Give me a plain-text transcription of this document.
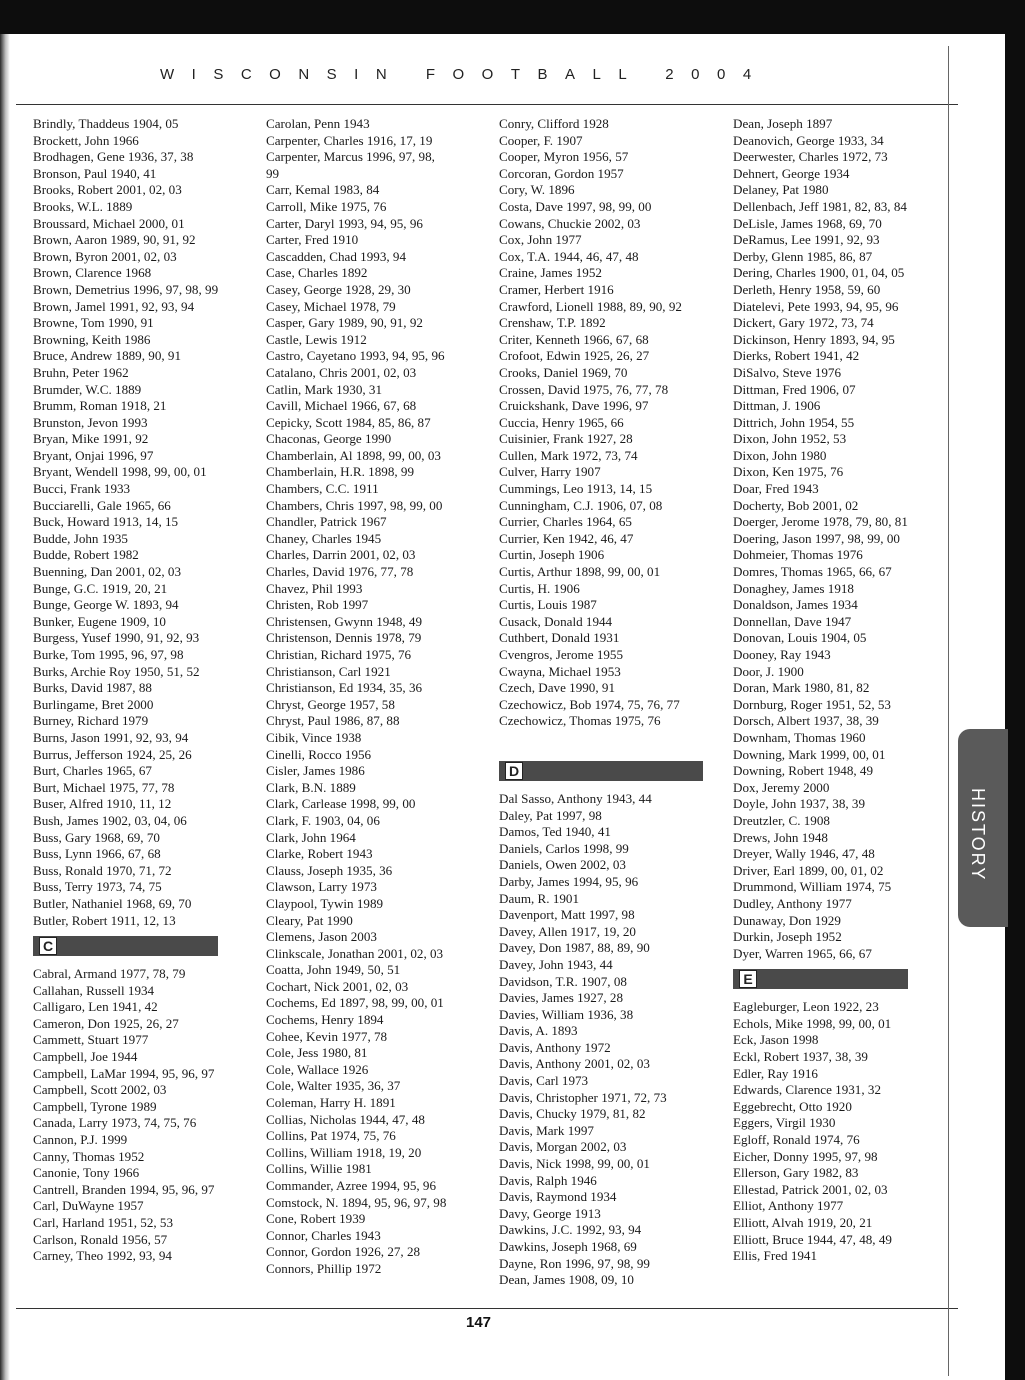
WISCONSIN FOOTBALL 2004
Brindly, Thaddeus 1904, 05
Brockett, John 1966
Brodhagen, Gene 1936, 37, 38
Bronson, Paul 1940, 41
Brooks, Robert 2001, 02, 03
Brooks, W.L. 1889
Broussard, Michael 2000, 01
Brown, Aaron 1989, 90, 91, 92
Brown, Byron 2001, 02, 03
Brown, Clarence 1968
Brown, Demetrius 1996, 97, 98, 99
Brown, Jamel 1991, 92, 93, 94
Browne, Tom 1990, 91
Browning, Keith 1986
Bruce, Andrew 1889, 90, 91
Bruhn, Peter 1962
Brumder, W.C. 1889
Brumm, Roman 1918, 21
Brunston, Jevon 1993
Bryan, Mike 1991, 92
Bryant, Onjai 1996, 97
Bryant, Wendell 1998, 99, 00, 01
Bucci, Frank 1933
Bucciarelli, Gale 1965, 66
Buck, Howard 1913, 14, 15
Budde, John 1935
Budde, Robert 1982
Buenning, Dan 2001, 02, 03
Bunge, G.C. 1919, 20, 21
Bunge, George W. 1893, 94
Bunker, Eugene 1909, 10
Burgess, Yusef 1990, 91, 92, 93
Burke, Tom 1995, 96, 97, 98
Burks, Archie Roy 1950, 51, 52
Burks, David 1987, 88
Burlingame, Bret 2000
Burney, Richard 1979
Burns, Jason 1991, 92, 93, 94
Burrus, Jefferson 1924, 25, 26
Burt, Charles 1965, 67
Burt, Michael 1975, 77, 78
Buser, Alfred 1910, 11, 12
Bush, James 1902, 03, 04, 06
Buss, Gary 1968, 69, 70
Buss, Lynn 1966, 67, 68
Buss, Ronald 1970, 71, 72
Buss, Terry 1973, 74, 75
Butler, Nathaniel 1968, 69, 70
Butler, Robert 1911, 12, 13
C
Cabral, Armand 1977, 78, 79
Callahan, Russell 1934
Calligaro, Len 1941, 42
Cameron, Don 1925, 26, 27
Cammett, Stuart 1977
Campbell, Joe 1944
Campbell, LaMar 1994, 95, 96, 97
Campbell, Scott 2002, 03
Campbell, Tyrone 1989
Canada, Larry 1973, 74, 75, 76
Cannon, P.J. 1999
Canny, Thomas 1952
Canonie, Tony 1966
Cantrell, Branden 1994, 95, 96, 97
Carl, DuWayne 1957
Carl, Harland 1951, 52, 53
Carlson, Ronald 1956, 57
Carney, Theo 1992, 93, 94
Carolan, Penn 1943
Carpenter, Charles 1916, 17, 19
Carpenter, Marcus 1996, 97, 98,
99
Carr, Kemal 1983, 84
Carroll, Mike 1975, 76
Carter, Daryl 1993, 94, 95, 96
Carter, Fred 1910
Cascadden, Chad 1993, 94
Case, Charles 1892
Casey, George 1928, 29, 30
Casey, Michael 1978, 79
Casper, Gary 1989, 90, 91, 92
Castle, Lewis 1912
Castro, Cayetano 1993, 94, 95, 96
Catalano, Chris 2001, 02, 03
Catlin, Mark 1930, 31
Cavill, Michael 1966, 67, 68
Cepicky, Scott 1984, 85, 86, 87
Chaconas, George 1990
Chamberlain, Al 1898, 99, 00, 03
Chamberlain, H.R. 1898, 99
Chambers, C.C. 1911
Chambers, Chris 1997, 98, 99, 00
Chandler, Patrick 1967
Chaney, Charles 1945
Charles, Darrin 2001, 02, 03
Charles, David 1976, 77, 78
Chavez, Phil 1993
Christen, Rob 1997
Christensen, Gwynn 1948, 49
Christenson, Dennis 1978, 79
Christian, Richard 1975, 76
Christianson, Carl 1921
Christianson, Ed 1934, 35, 36
Chryst, George 1957, 58
Chryst, Paul 1986, 87, 88
Cibik, Vince 1938
Cinelli, Rocco 1956
Cisler, James 1986
Clark, B.N. 1889
Clark, Carlease 1998, 99, 00
Clark, F. 1903, 04, 06
Clark, John 1964
Clarke, Robert 1943
Clauss, Joseph 1935, 36
Clawson, Larry 1973
Claypool, Tywin 1989
Cleary, Pat 1990
Clemens, Jason 2003
Clinkscale, Jonathan 2001, 02, 03
Coatta, John 1949, 50, 51
Cochart, Nick 2001, 02, 03
Cochems, Ed 1897, 98, 99, 00, 01
Cochems, Henry 1894
Cohee, Kevin 1977, 78
Cole, Jess 1980, 81
Cole, Wallace 1926
Cole, Walter 1935, 36, 37
Coleman, Harry H. 1891
Collias, Nicholas 1944, 47, 48
Collins, Pat 1974, 75, 76
Collins, William 1918, 19, 20
Collins, Willie 1981
Commander, Azree 1994, 95, 96
Comstock, N. 1894, 95, 96, 97, 98
Cone, Robert 1939
Connor, Charles 1943
Connor, Gordon 1926, 27, 28
Connors, Phillip 1972
Conry, Clifford 1928
Cooper, F. 1907
Cooper, Myron 1956, 57
Corcoran, Gordon 1957
Cory, W. 1896
Costa, Dave 1997, 98, 99, 00
Cowans, Chuckie 2002, 03
Cox, John 1977
Cox, T.A. 1944, 46, 47, 48
Craine, James 1952
Cramer, Herbert 1916
Crawford, Lionell 1988, 89, 90, 92
Crenshaw, T.P. 1892
Criter, Kenneth 1966, 67, 68
Crofoot, Edwin 1925, 26, 27
Crooks, Daniel 1969, 70
Crossen, David 1975, 76, 77, 78
Cruickshank, Dave 1996, 97
Cuccia, Henry 1965, 66
Cuisinier, Frank 1927, 28
Cullen, Mark 1972, 73, 74
Culver, Harry 1907
Cummings, Leo 1913, 14, 15
Cunningham, C.J. 1906, 07, 08
Currier, Charles 1964, 65
Currier, Ken 1942, 46, 47
Curtin, Joseph 1906
Curtis, Arthur 1898, 99, 00, 01
Curtis, H. 1906
Curtis, Louis 1987
Cusack, Donald 1944
Cuthbert, Donald 1931
Cvengros, Jerome 1955
Cwayna, Michael 1953
Czech, Dave 1990, 91
Czechowicz, Bob 1974, 75, 76, 77
Czechowicz, Thomas 1975, 76
D
Dal Sasso, Anthony 1943, 44
Daley, Pat 1997, 98
Damos, Ted 1940, 41
Daniels, Carlos 1998, 99
Daniels, Owen 2002, 03
Darby, James 1994, 95, 96
Daum, R. 1901
Davenport, Matt 1997, 98
Davey, Allen 1917, 19, 20
Davey, Don 1987, 88, 89, 90
Davey, John 1943, 44
Davidson, T.R. 1907, 08
Davies, James 1927, 28
Davies, William 1936, 38
Davis, A. 1893
Davis, Anthony 1972
Davis, Anthony 2001, 02, 03
Davis, Carl 1973
Davis, Christopher 1971, 72, 73
Davis, Chucky 1979, 81, 82
Davis, Mark 1997
Davis, Morgan 2002, 03
Davis, Nick 1998, 99, 00, 01
Davis, Ralph 1946
Davis, Raymond 1934
Davy, George 1913
Dawkins, J.C. 1992, 93, 94
Dawkins, Joseph 1968, 69
Dayne, Ron 1996, 97, 98, 99
Dean, James 1908, 09, 10
Dean, Joseph 1897
Deanovich, George 1933, 34
Deerwester, Charles 1972, 73
Dehnert, George 1934
Delaney, Pat 1980
Dellenbach, Jeff 1981, 82, 83, 84
DeLisle, James 1968, 69, 70
DeRamus, Lee 1991, 92, 93
Derby, Glenn 1985, 86, 87
Dering, Charles 1900, 01, 04, 05
Derleth, Henry 1958, 59, 60
Diatelevi, Pete 1993, 94, 95, 96
Dickert, Gary 1972, 73, 74
Dickinson, Henry 1893, 94, 95
Dierks, Robert 1941, 42
DiSalvo, Steve 1976
Dittman, Fred 1906, 07
Dittman, J. 1906
Dittrich, John 1954, 55
Dixon, John 1952, 53
Dixon, John 1980
Dixon, Ken 1975, 76
Doar, Fred 1943
Docherty, Bob 2001, 02
Doerger, Jerome 1978, 79, 80, 81
Doering, Jason 1997, 98, 99, 00
Dohmeier, Thomas 1976
Domres, Thomas 1965, 66, 67
Donaghey, James 1918
Donaldson, James 1934
Donnellan, Dave 1947
Donovan, Louis 1904, 05
Dooney, Ray 1943
Door, J. 1900
Doran, Mark 1980, 81, 82
Dornburg, Roger 1951, 52, 53
Dorsch, Albert 1937, 38, 39
Downham, Thomas 1960
Downing, Mark 1999, 00, 01
Downing, Robert 1948, 49
Dox, Jeremy 2000
Doyle, John 1937, 38, 39
Dreutzler, C. 1908
Drews, John 1948
Dreyer, Wally 1946, 47, 48
Driver, Earl 1899, 00, 01, 02
Drummond, William 1974, 75
Dudley, Anthony 1977
Dunaway, Don 1929
Durkin, Joseph 1952
Dyer, Warren 1965, 66, 67
E
Eagleburger, Leon 1922, 23
Echols, Mike 1998, 99, 00, 01
Eck, Jason 1998
Eckl, Robert 1937, 38, 39
Edler, Ray 1916
Edwards, Clarence 1931, 32
Eggebrecht, Otto 1920
Eggers, Virgil 1930
Egloff, Ronald 1974, 76
Eicher, Donny 1995, 97, 98
Ellerson, Gary 1982, 83
Ellestad, Patrick 2001, 02, 03
Elliot, Anthony 1977
Elliott, Alvah 1919, 20, 21
Elliott, Bruce 1944, 47, 48, 49
Ellis, Fred 1941
HISTORY
147
